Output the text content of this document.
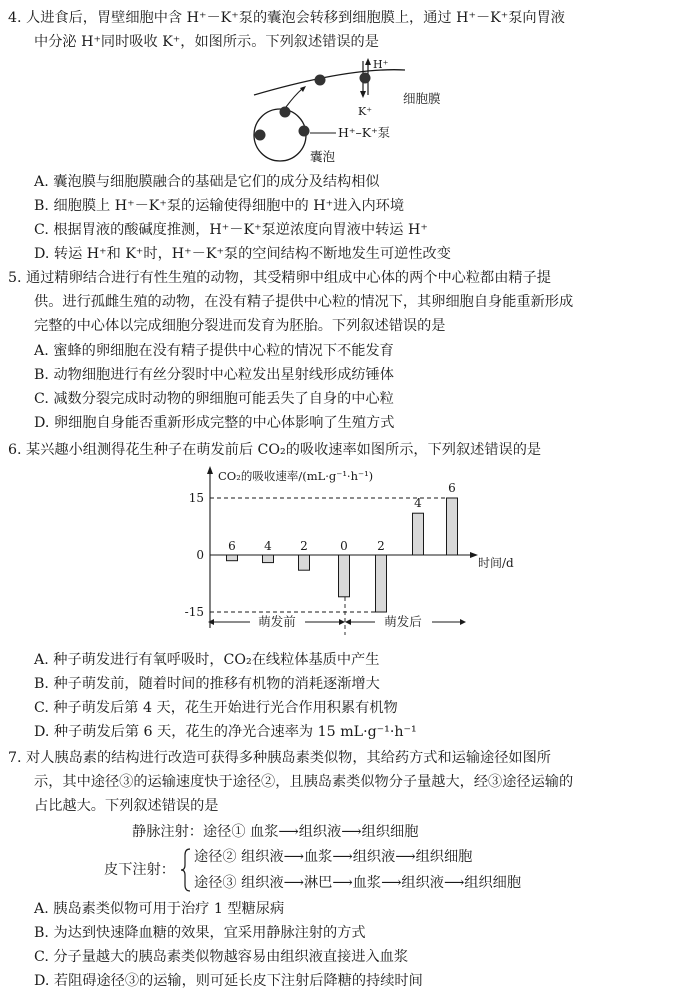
4. 人进食后，胃壁细胞中含 H⁺－K⁺泵的囊泡会转移到细胞膜上，通过 H⁺－K⁺泵向胃液
中分泌 H⁺同时吸收 K⁺，如图所示。下列叙述错误的是
H⁺
K⁺
细胞膜
H⁺–K⁺泵
囊泡
A. 囊泡膜与细胞膜融合的基础是它们的成分及结构相似
B. 细胞膜上 H⁺－K⁺泵的运输使得细胞中的 H⁺进入内环境
C. 根据胃液的酸碱度推测，H⁺－K⁺泵逆浓度向胃液中转运 H⁺
D. 转运 H⁺和 K⁺时，H⁺－K⁺泵的空间结构不断地发生可逆性改变
5. 通过精卵结合进行有性生殖的动物，其受精卵中组成中心体的两个中心粒都由精子提
供。进行孤雌生殖的动物，在没有精子提供中心粒的情况下，其卵细胞自身能重新形成
完整的中心体以完成细胞分裂进而发育为胚胎。下列叙述错误的是
A. 蜜蜂的卵细胞在没有精子提供中心粒的情况下不能发育
B. 动物细胞进行有丝分裂时中心粒发出星射线形成纺锤体
C. 减数分裂完成时动物的卵细胞可能丢失了自身的中心粒
D. 卵细胞自身能否重新形成完整的中心体影响了生殖方式
6. 某兴趣小组测得花生种子在萌发前后 CO₂的吸收速率如图所示，下列叙述错误的是
CO₂的吸收速率/(mL·g⁻¹·h⁻¹)
时间/d
15
0
-15
萌发前	萌发后
6 4 2	0 2
4
6
A. 种子萌发进行有氧呼吸时，CO₂在线粒体基质中产生
B. 种子萌发前，随着时间的推移有机物的消耗逐渐增大
C. 种子萌发后第 4 天，花生开始进行光合作用积累有机物
D. 种子萌发后第 6 天，花生的净光合速率为 15 mL·g⁻¹·h⁻¹
7. 对人胰岛素的结构进行改造可获得多种胰岛素类似物，其给药方式和运输途径如图所
示，其中途径③的运输速度快于途径②，且胰岛素类似物分子量越大，经③途径运输的
占比越大。下列叙述错误的是
静脉注射：途径① 血浆⟶组织液⟶组织细胞
皮下注射：
途径② 组织液⟶血浆⟶组织液⟶组织细胞
途径③ 组织液⟶淋巴⟶血浆⟶组织液⟶组织细胞
A. 胰岛素类似物可用于治疗 1 型糖尿病
B. 为达到快速降血糖的效果，宜采用静脉注射的方式
C. 分子量越大的胰岛素类似物越容易由组织液直接进入血浆
D. 若阻碍途径③的运输，则可延长皮下注射后降糖的持续时间
